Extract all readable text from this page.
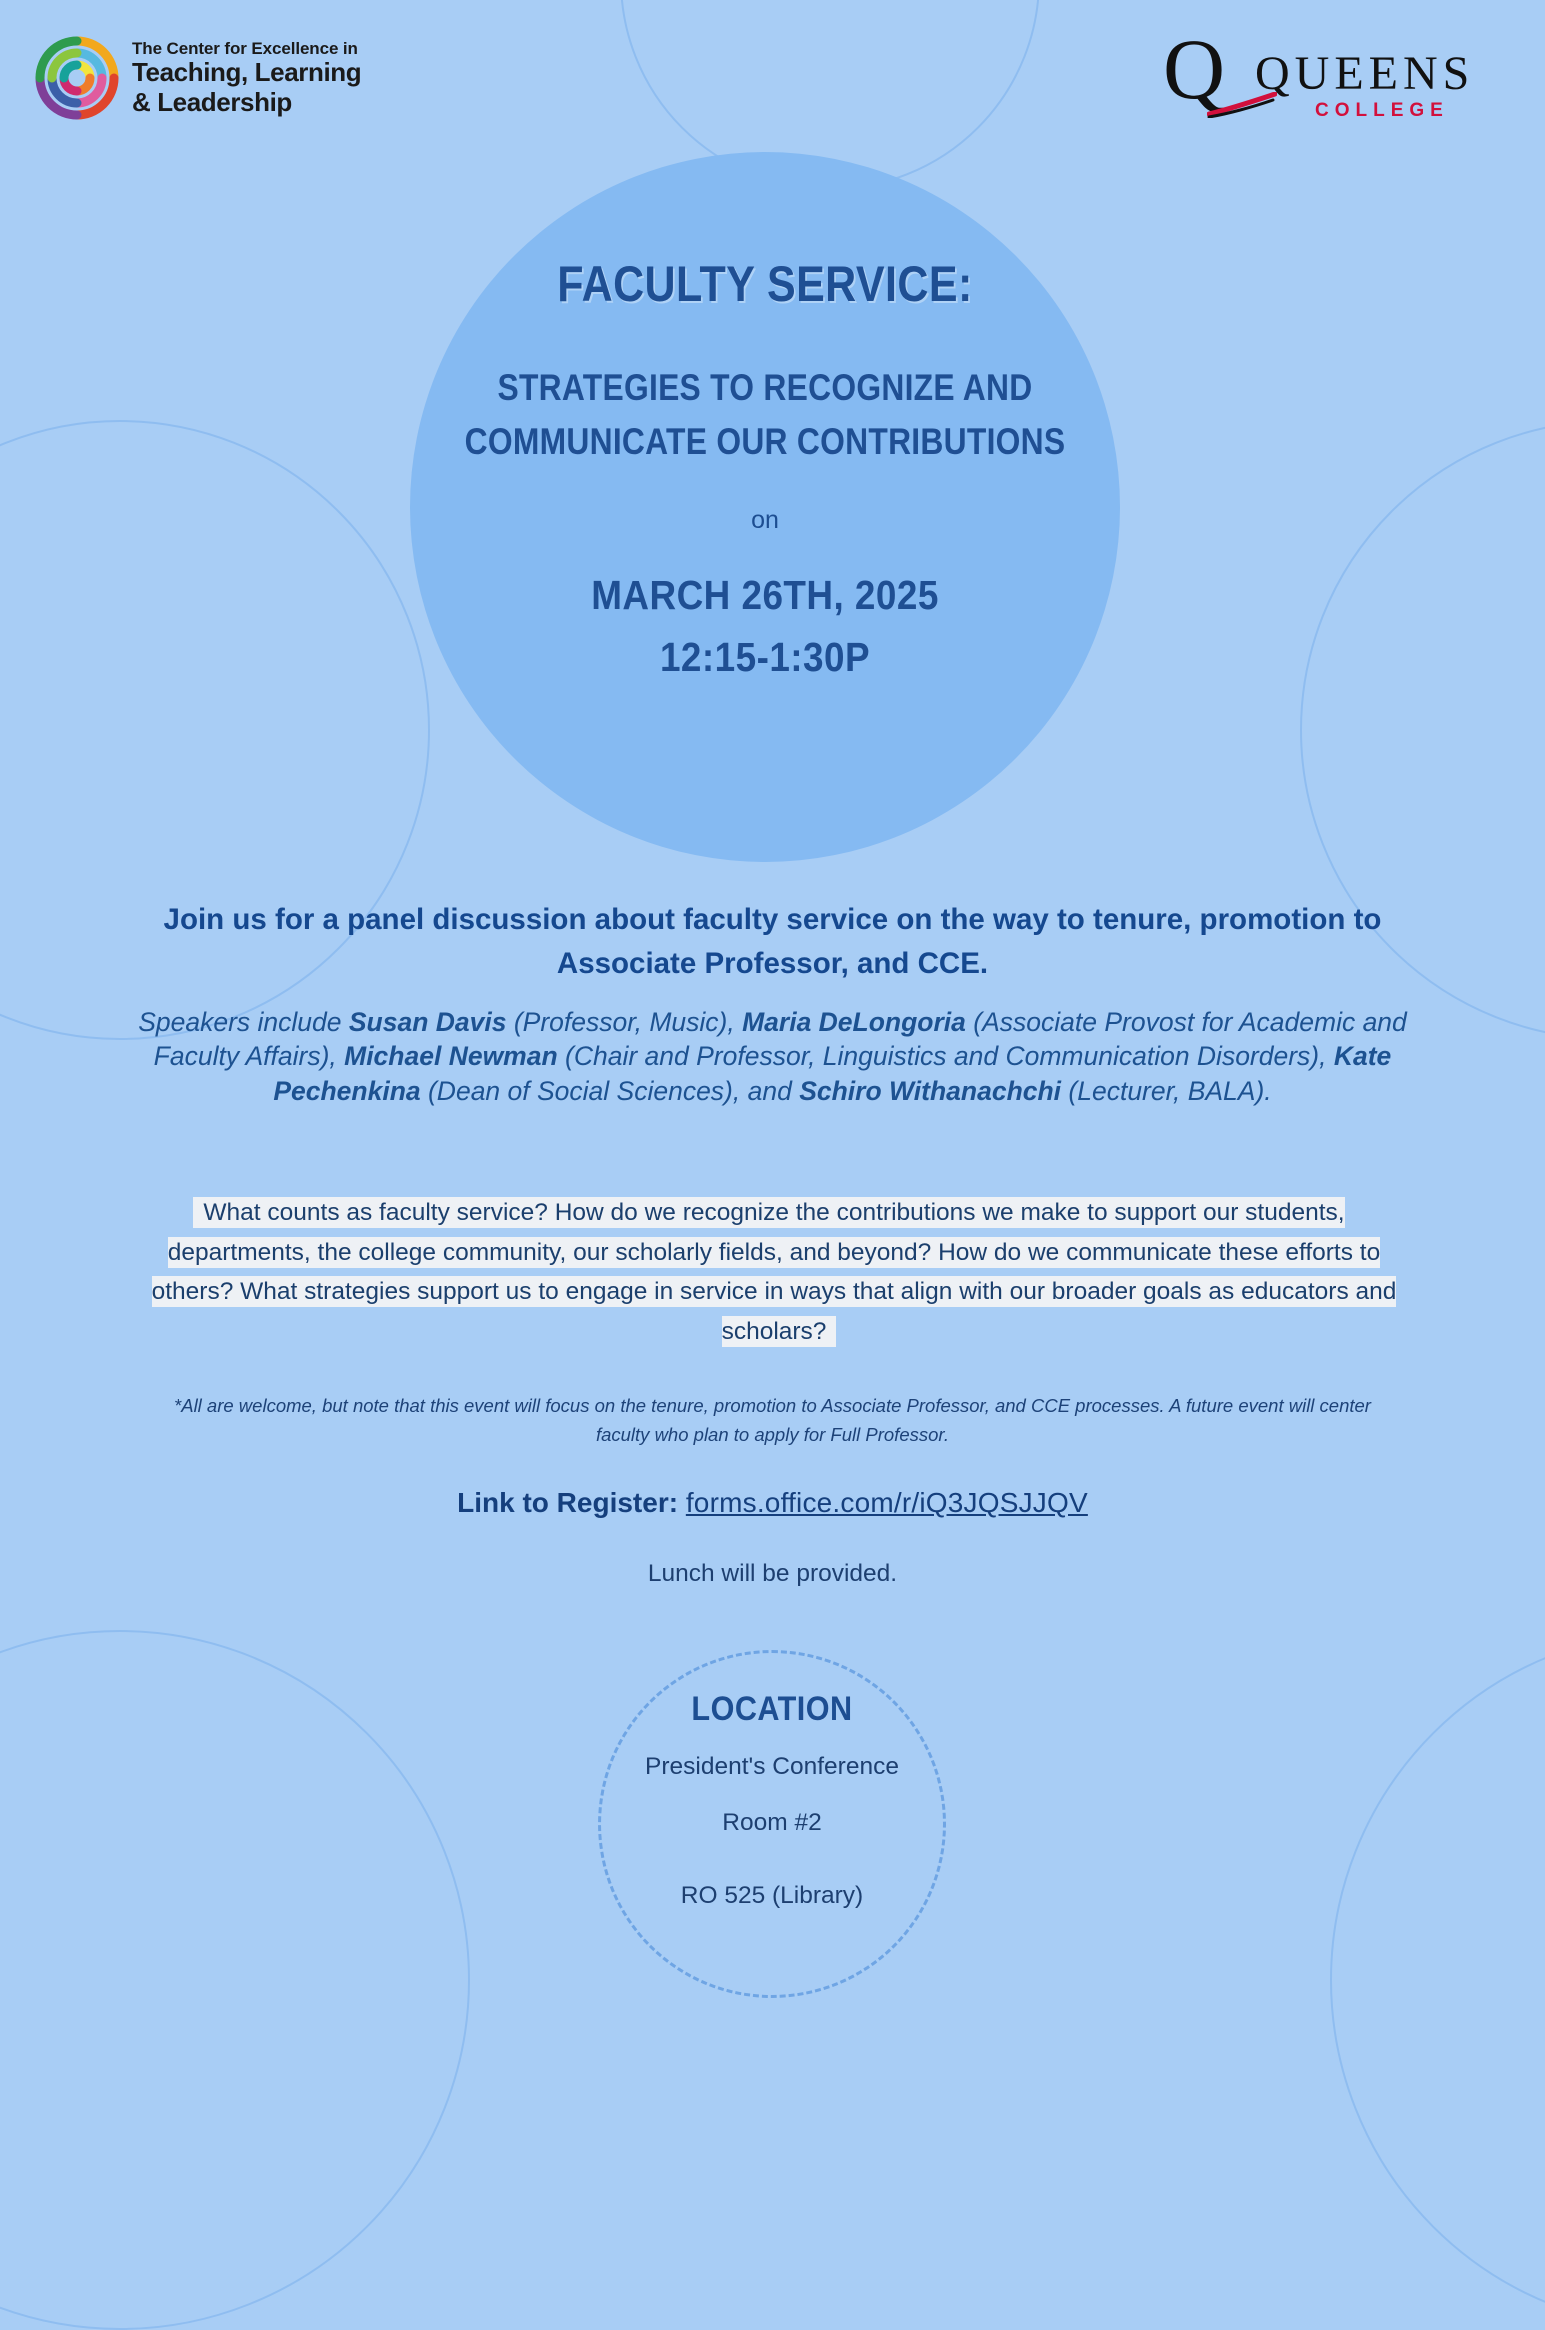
The Center for Excellence in
Teaching, Learning
& Leadership	Q QUEENS
COLLEGE
FACULTY SERVICE:
STRATEGIES TO RECOGNIZE AND
COMMUNICATE OUR CONTRIBUTIONS
on
MARCH 26TH, 2025
12:15-1:30P
Join us for a panel discussion about faculty service on the way to tenure, promotion to Associate Professor, and CCE.
Speakers include Susan Davis (Professor, Music), Maria DeLongoria (Associate Provost for Academic and Faculty Affairs), Michael Newman (Chair and Professor, Linguistics and Communication Disorders), Kate Pechenkina (Dean of Social Sciences), and Schiro Withanachchi (Lecturer, BALA).
What counts as faculty service? How do we recognize the contributions we make to support our students, departments, the college community, our scholarly fields, and beyond? How do we communicate these efforts to others? What strategies support us to engage in service in ways that align with our broader goals as educators and scholars?
*All are welcome, but note that this event will focus on the tenure, promotion to Associate Professor, and CCE processes. A future event will center faculty who plan to apply for Full Professor.
Link to Register: forms.office.com/r/iQ3JQSJJQV
Lunch will be provided.
LOCATION
President's Conference
Room #2
RO 525 (Library)
